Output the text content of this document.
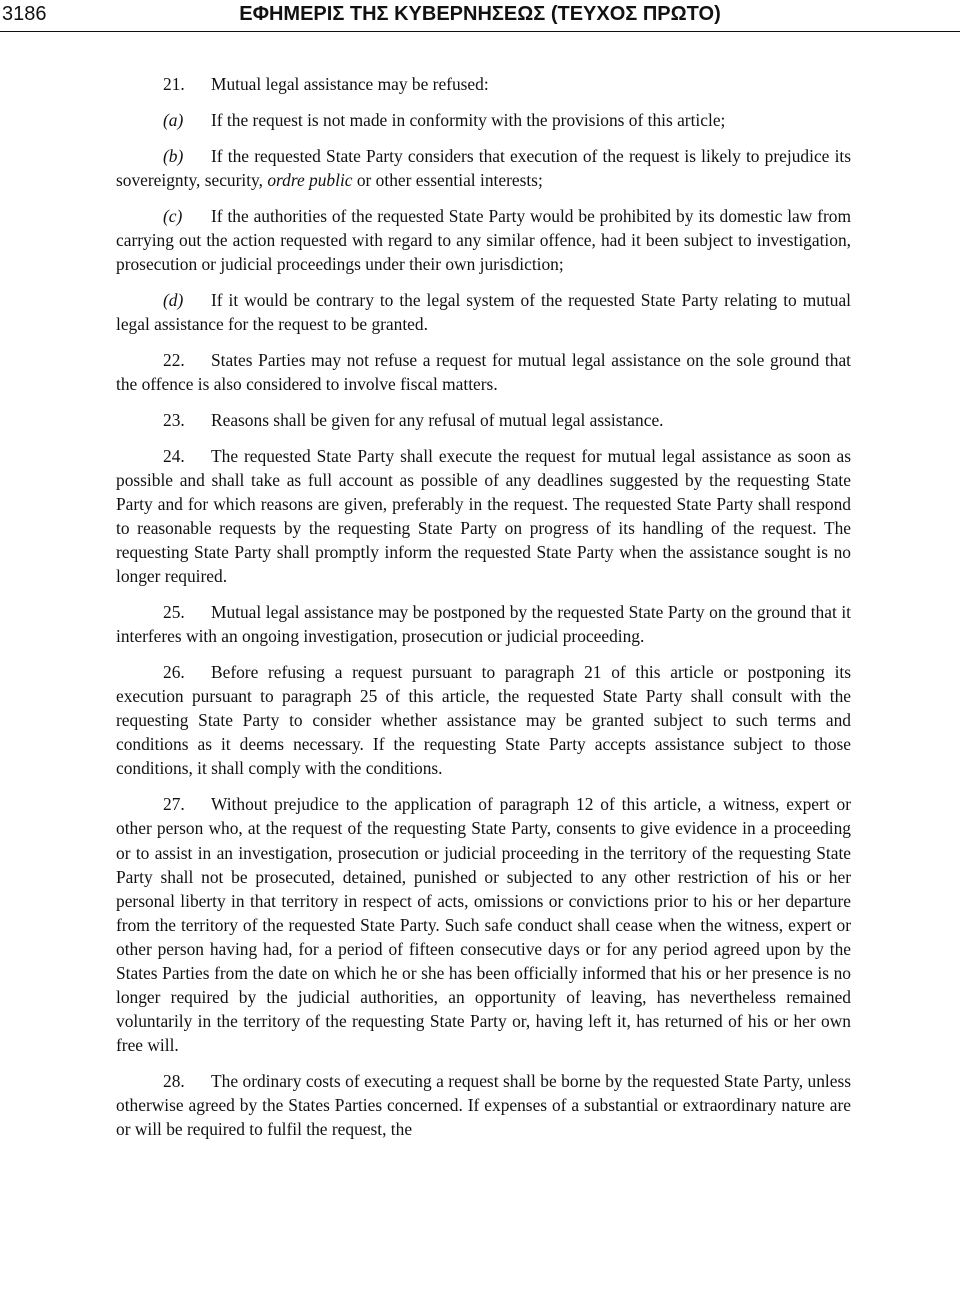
3186	ΕΦΗΜΕΡΙΣ ΤΗΣ ΚΥΒΕΡΝΗΣΕΩΣ (ΤΕΥΧΟΣ ΠΡΩΤΟ)

21. Mutual legal assistance may be refused:

(a) If the request is not made in conformity with the provisions of this article;

(b) If the requested State Party considers that execution of the request is likely to prejudice its sovereignty, security, ordre public or other essential interests;

(c) If the authorities of the requested State Party would be prohibited by its domestic law from carrying out the action requested with regard to any similar offence, had it been subject to investigation, prosecution or judicial proceedings under their own jurisdiction;

(d) If it would be contrary to the legal system of the requested State Party relating to mutual legal assistance for the request to be granted.

22. States Parties may not refuse a request for mutual legal assistance on the sole ground that the offence is also considered to involve fiscal matters.

23. Reasons shall be given for any refusal of mutual legal assistance.

24. The requested State Party shall execute the request for mutual legal assistance as soon as possible and shall take as full account as possible of any deadlines suggested by the requesting State Party and for which reasons are given, preferably in the request. The requested State Party shall respond to reasonable requests by the requesting State Party on progress of its handling of the request. The requesting State Party shall promptly inform the requested State Party when the assistance sought is no longer required.

25. Mutual legal assistance may be postponed by the requested State Party on the ground that it interferes with an ongoing investigation, prosecution or judicial proceeding.

26. Before refusing a request pursuant to paragraph 21 of this article or postponing its execution pursuant to paragraph 25 of this article, the requested State Party shall consult with the requesting State Party to consider whether assistance may be granted subject to such terms and conditions as it deems necessary. If the requesting State Party accepts assistance subject to those conditions, it shall comply with the conditions.

27. Without prejudice to the application of paragraph 12 of this article, a witness, expert or other person who, at the request of the requesting State Party, consents to give evidence in a proceeding or to assist in an investigation, prosecution or judicial proceeding in the territory of the requesting State Party shall not be prosecuted, detained, punished or subjected to any other restriction of his or her personal liberty in that territory in respect of acts, omissions or convictions prior to his or her departure from the territory of the requested State Party. Such safe conduct shall cease when the witness, expert or other person having had, for a period of fifteen consecutive days or for any period agreed upon by the States Parties from the date on which he or she has been officially informed that his or her presence is no longer required by the judicial authorities, an opportunity of leaving, has nevertheless remained voluntarily in the territory of the requesting State Party or, having left it, has returned of his or her own free will.

28. The ordinary costs of executing a request shall be borne by the requested State Party, unless otherwise agreed by the States Parties concerned. If expenses of a substantial or extraordinary nature are or will be required to fulfil the request, the
